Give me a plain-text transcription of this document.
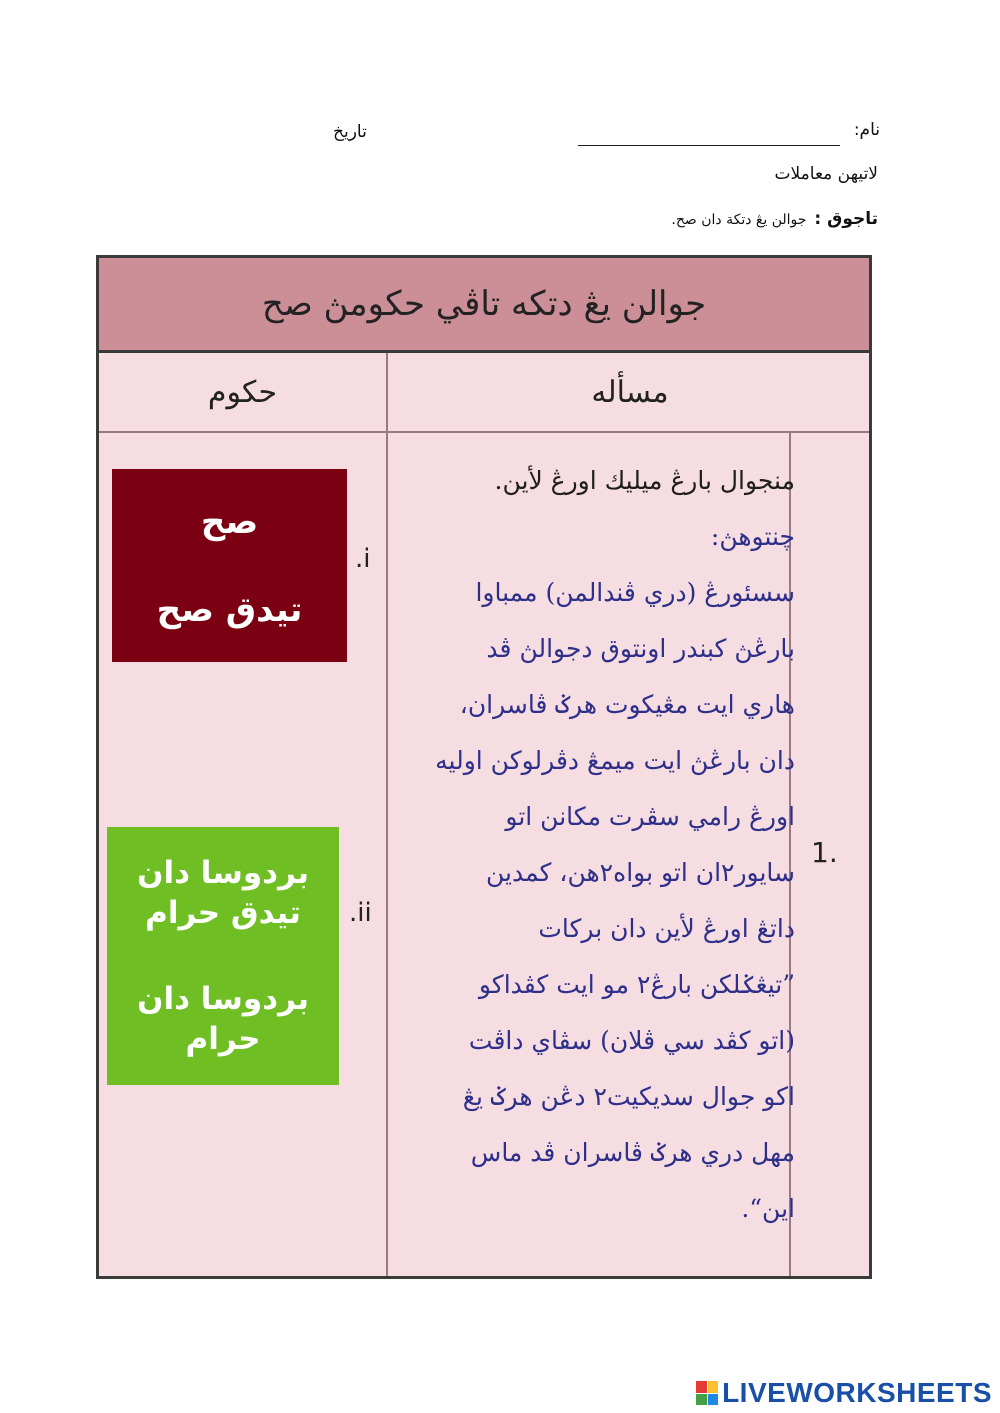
نام:
تاريخ
لاتيهن معاملات
تاجوق :
جوالن يڠ دتكة دان صح.
جوالن يڠ دتكه تاڤي حكومڽ صح
حكوم	مسأله
1.
منجوال بارڠ ميليك اورڠ لأين.
چنتوهڽ:
سسئورڠ (دري ڤندالمن) ممباوا
بارڠڽ كبندر اونتوق دجوالڽ ڤد
هاري ايت مڠيكوت هرݢ ڤاسران،
دان بارڠڽ ايت ميمڠ دڤرلوكن اوليه
اورڠ رامي سڤرت مكانن اتو
سايور٢ان اتو بواه٢هن، كمدين
داتڠ اورڠ لأين دان بركات
”تيڠݢلكن بارڠ٢ مو ايت كڤداكو
(اتو كڤد سي ڤلان) سڤاي داڤت
اكو جوال سديكيت٢ دڠن هرݢ يڠ
مهل دري هرݢ ڤاسران ڤد ماس
اين“.
.i
.ii
صح
تيدق صح
بردوسا دان
تيدق حرام
بردوسا دان
حرام
LIVEWORKSHEETS
